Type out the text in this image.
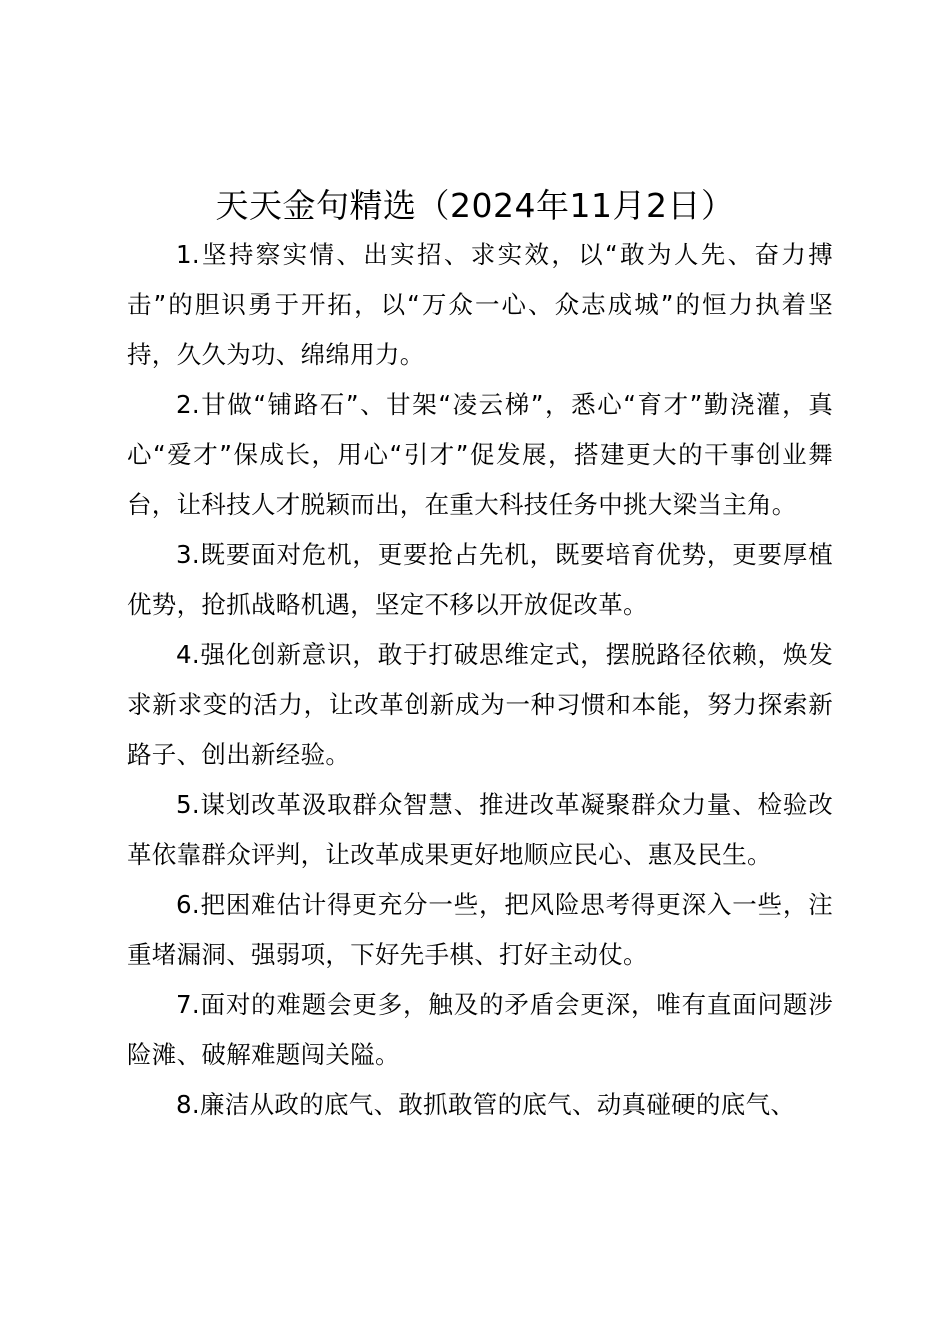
天天金句精选（2024年11月2日）

1.坚持察实情、出实招、求实效，以“敢为人先、奋力搏击”的胆识勇于开拓，以“万众一心、众志成城”的恒力执着坚持，久久为功、绵绵用力。

2.甘做“铺路石”、甘架“凌云梯”，悉心“育才”勤浇灌，真心“爱才”保成长，用心“引才”促发展，搭建更大的干事创业舞台，让科技人才脱颖而出，在重大科技任务中挑大梁当主角。

3.既要面对危机，更要抢占先机，既要培育优势，更要厚植优势，抢抓战略机遇，坚定不移以开放促改革。

4.强化创新意识，敢于打破思维定式，摆脱路径依赖，焕发求新求变的活力，让改革创新成为一种习惯和本能，努力探索新路子、创出新经验。

5.谋划改革汲取群众智慧、推进改革凝聚群众力量、检验改革依靠群众评判，让改革成果更好地顺应民心、惠及民生。

6.把困难估计得更充分一些，把风险思考得更深入一些，注重堵漏洞、强弱项，下好先手棋、打好主动仗。

7.面对的难题会更多，触及的矛盾会更深，唯有直面问题涉险滩、破解难题闯关隘。

8.廉洁从政的底气、敢抓敢管的底气、动真碰硬的底气、
